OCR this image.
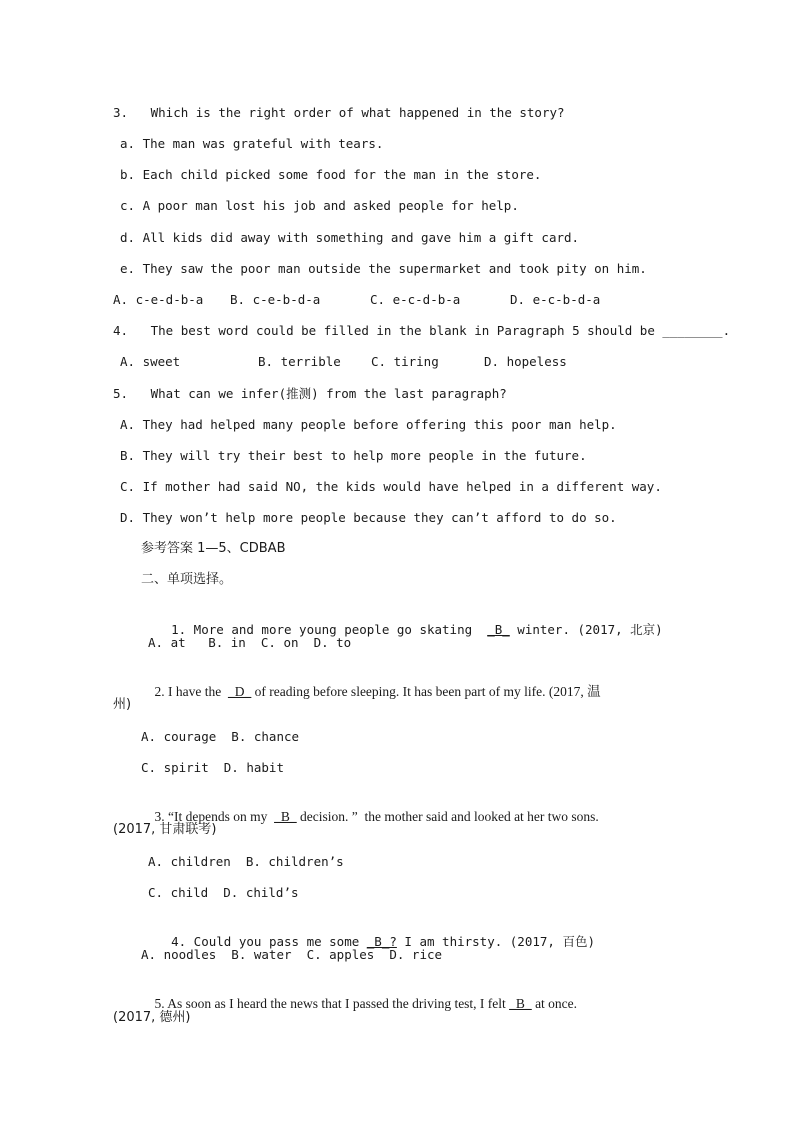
3.   Which is the right order of what happened in the story?
a. The man was grateful with tears.
b. Each child picked some food for the man in the store.
c. A poor man lost his job and asked people for help.
d. All kids did away with something and gave him a gift card.
e. They saw the poor man outside the supermarket and took pity on him.
A. c-e-d-b-a B. c-e-b-d-a	C. e-c-d-b-a	D. e-c-b-d-a
4.   The best word could be filled in the blank in Paragraph 5 should be ________.
A. sweet	B. terrible C. tiring	D. hopeless
5.   What can we infer(推测) from the last paragraph?
A. They had helped many people before offering this poor man help.
B. They will try their best to help more people in the future.
C. If mother had said NO, the kids would have helped in a different way.
D. They won’t help more people because they can’t afford to do so.
参考答案 1—5、CDBAB
二、单项选择。

1. More and more young people go skating  _B_ winter. (2017, 北京)

A. at   B. in  C. on  D. to

2. I have the  _D_ of reading before sleeping. It has been part of my life. (2017, 温

州)
A. courage  B. chance
C. spirit  D. habit

3. “It depends on my  _B_ decision. ”  the mother said and looked at her two sons.

(2017, 甘肃联考)
A. children  B. children’s
C. child  D. child’s

4. Could you pass me some _B_? I am thirsty. (2017, 百色)

A. noodles  B. water  C. apples  D. rice

5. As soon as I heard the news that I passed the driving test, I felt _B_ at once.

(2017, 德州)
